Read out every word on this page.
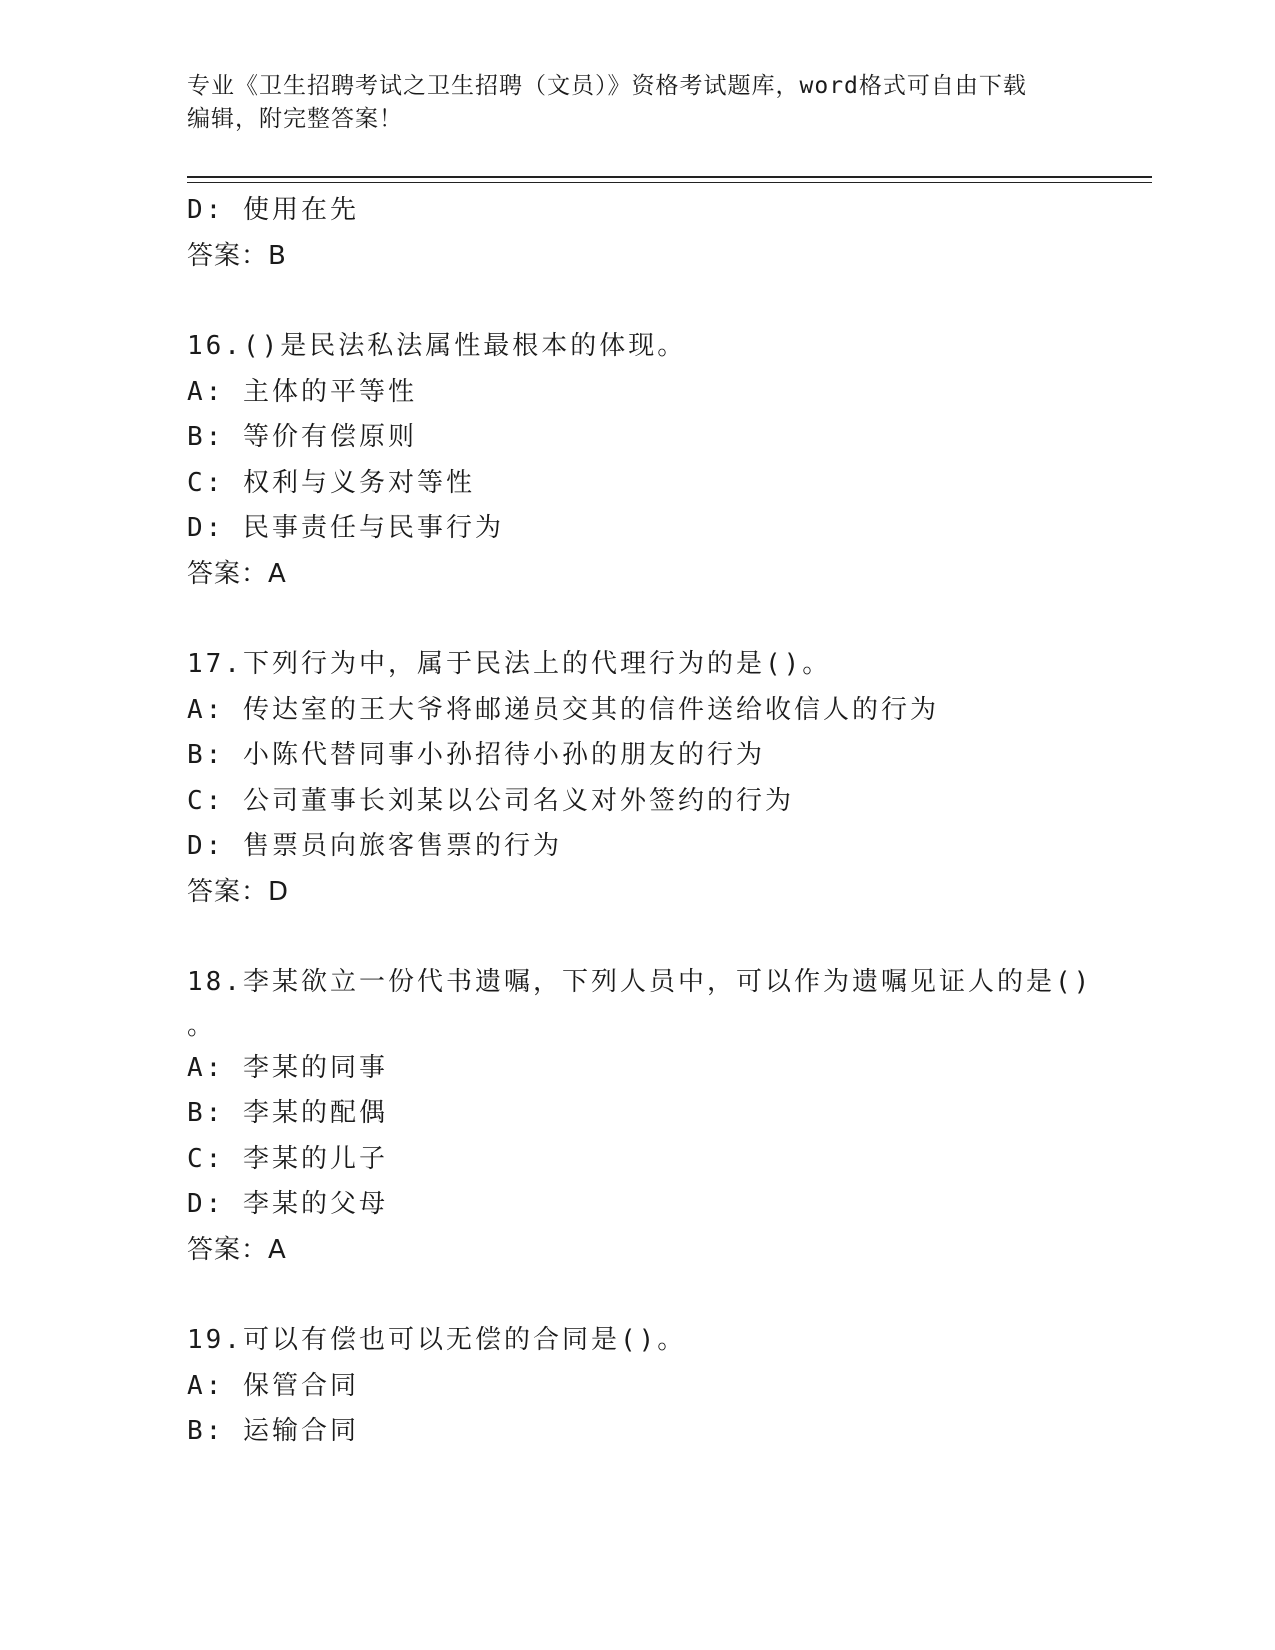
专业《卫生招聘考试之卫生招聘（文员）》资格考试题库，word格式可自由下载
编辑，附完整答案！
D: 使用在先
答案：B
16.()是民法私法属性最根本的体现。
A: 主体的平等性
B: 等价有偿原则
C: 权利与义务对等性
D: 民事责任与民事行为
答案：A
17.下列行为中，属于民法上的代理行为的是()。
A: 传达室的王大爷将邮递员交其的信件送给收信人的行为
B: 小陈代替同事小孙招待小孙的朋友的行为
C: 公司董事长刘某以公司名义对外签约的行为
D: 售票员向旅客售票的行为
答案：D
18.李某欲立一份代书遗嘱，下列人员中，可以作为遗嘱见证人的是()
。
A: 李某的同事
B: 李某的配偶
C: 李某的儿子
D: 李某的父母
答案：A
19.可以有偿也可以无偿的合同是()。
A: 保管合同
B: 运输合同
